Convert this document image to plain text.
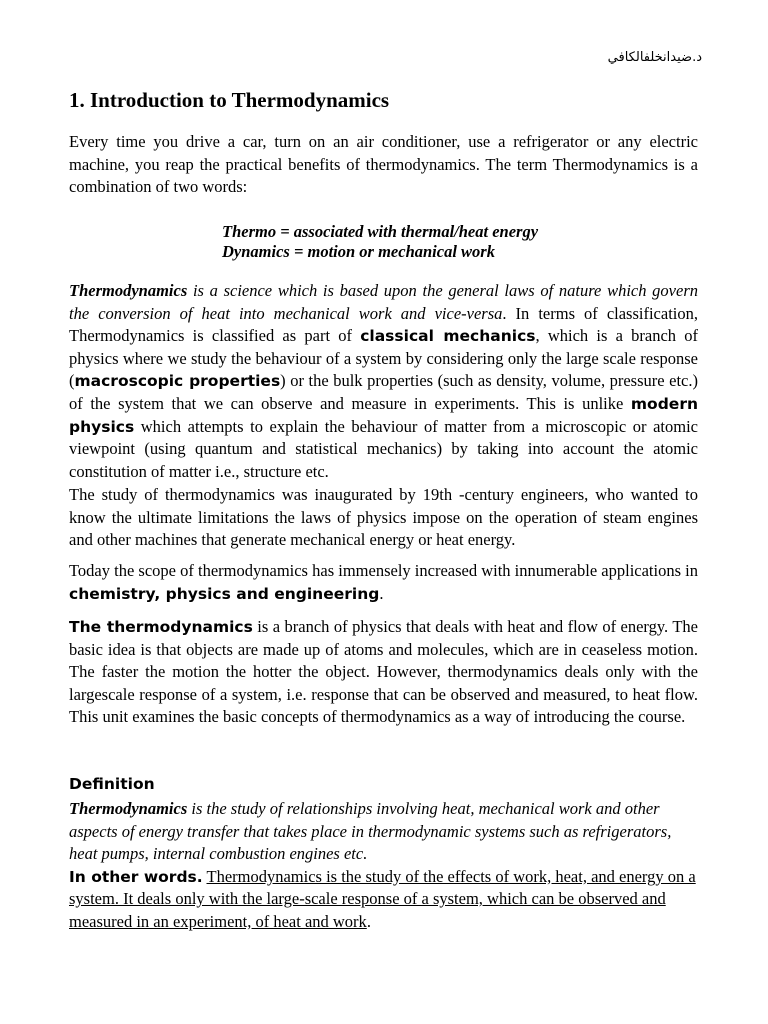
د.ضيدانخلفالكافي
1. Introduction to Thermodynamics

Every time you drive a car, turn on an air conditioner, use a refrigerator or any electric machine, you reap the practical benefits of thermodynamics. The term Thermodynamics is a combination of two words:

Thermo = associated with thermal/heat energy
Dynamics = motion or mechanical work

Thermodynamics is a science which is based upon the general laws of nature which govern the conversion of heat into mechanical work and vice-versa. In terms of classification, Thermodynamics is classified as part of classical mechanics, which is a branch of physics where we study the behaviour of a system by considering only the large scale response (macroscopic properties) or the bulk properties (such as density, volume, pressure etc.) of the system that we can observe and measure in experiments. This is unlike modern physics which attempts to explain the behaviour of matter from a microscopic or atomic viewpoint (using quantum and statistical mechanics) by taking into account the atomic constitution of matter i.e., structure etc.

The study of thermodynamics was inaugurated by 19th -century engineers, who wanted to know the ultimate limitations the laws of physics impose on the operation of steam engines and other machines that generate mechanical energy or heat energy.

Today the scope of thermodynamics has immensely increased with innumerable applications in chemistry, physics and engineering.

The thermodynamics is a branch of physics that deals with heat and flow of energy. The basic idea is that objects are made up of atoms and molecules, which are in ceaseless motion. The faster the motion the hotter the object. However, thermodynamics deals only with the largescale response of a system, i.e. response that can be observed and measured, to heat flow. This unit examines the basic concepts of thermodynamics as a way of introducing the course.

Definition

Thermodynamics is the study of relationships involving heat, mechanical work and other aspects of energy transfer that takes place in thermodynamic systems such as refrigerators, heat pumps, internal combustion engines etc.
In other words. Thermodynamics is the study of the effects of work, heat, and energy on a system. It deals only with the large-scale response of a system, which can be observed and measured in an experiment, of heat and work.
